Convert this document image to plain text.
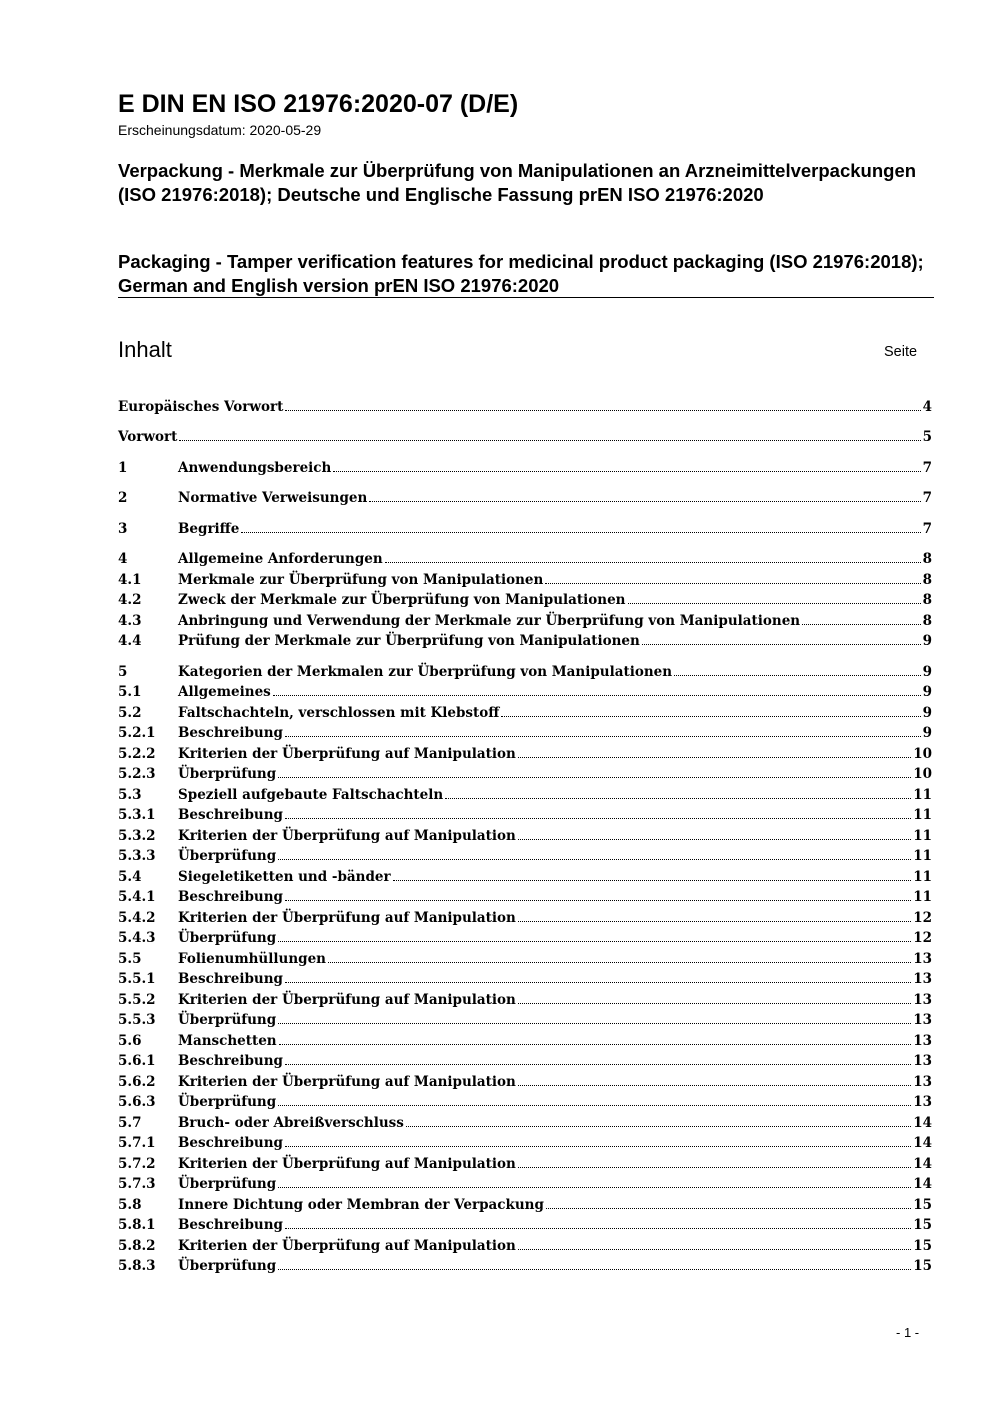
E DIN EN ISO 21976:2020-07 (D/E)
Erscheinungsdatum: 2020-05-29
Verpackung - Merkmale zur Überprüfung von Manipulationen an Arzneimittelverpackungen (ISO 21976:2018); Deutsche und Englische Fassung prEN ISO 21976:2020
Packaging - Tamper verification features for medicinal product packaging (ISO 21976:2018); German and English version prEN ISO 21976:2020
Inhalt	Seite
Europäisches Vorwort	4
Vorwort	5
1	Anwendungsbereich	7
2	Normative Verweisungen	7
3	Begriffe	7
4	Allgemeine Anforderungen	8
4.1	Merkmale zur Überprüfung von Manipulationen	8
4.2	Zweck der Merkmale zur Überprüfung von Manipulationen	8
4.3	Anbringung und Verwendung der Merkmale zur Überprüfung von Manipulationen	8
4.4	Prüfung der Merkmale zur Überprüfung von Manipulationen	9
5	Kategorien der Merkmalen zur Überprüfung von Manipulationen	9
5.1	Allgemeines	9
5.2	Faltschachteln, verschlossen mit Klebstoff	9
5.2.1	Beschreibung	9
5.2.2	Kriterien der Überprüfung auf Manipulation	10
5.2.3	Überprüfung	10
5.3	Speziell aufgebaute Faltschachteln	11
5.3.1	Beschreibung	11
5.3.2	Kriterien der Überprüfung auf Manipulation	11
5.3.3	Überprüfung	11
5.4	Siegeletiketten und -bänder	11
5.4.1	Beschreibung	11
5.4.2	Kriterien der Überprüfung auf Manipulation	12
5.4.3	Überprüfung	12
5.5	Folienumhüllungen	13
5.5.1	Beschreibung	13
5.5.2	Kriterien der Überprüfung auf Manipulation	13
5.5.3	Überprüfung	13
5.6	Manschetten	13
5.6.1	Beschreibung	13
5.6.2	Kriterien der Überprüfung auf Manipulation	13
5.6.3	Überprüfung	13
5.7	Bruch- oder Abreißverschluss	14
5.7.1	Beschreibung	14
5.7.2	Kriterien der Überprüfung auf Manipulation	14
5.7.3	Überprüfung	14
5.8	Innere Dichtung oder Membran der Verpackung	15
5.8.1	Beschreibung	15
5.8.2	Kriterien der Überprüfung auf Manipulation	15
5.8.3	Überprüfung	15
- 1 -
